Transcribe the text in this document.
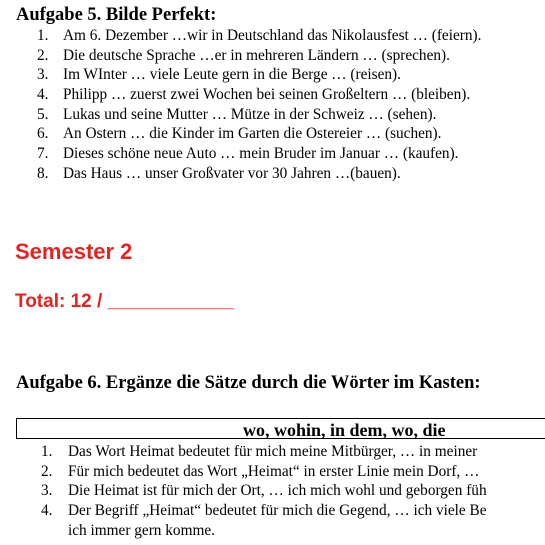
Aufgabe 5. Bilde Perfekt:
1. Am 6. Dezember …wir in Deutschland das Nikolausfest … (feiern).
2. Die deutsche Sprache …er in mehreren Ländern … (sprechen).
3. Im WInter … viele Leute gern in die Berge … (reisen).
4. Philipp … zuerst zwei Wochen bei seinen Großeltern … (bleiben).
5. Lukas und seine Mutter … Mütze in der Schweiz … (sehen).
6. An Ostern … die Kinder im Garten die Ostereier … (suchen).
7. Dieses schöne neue Auto … mein Bruder im Januar … (kaufen).
8. Das Haus … unser Großvater vor 30 Jahren …(bauen).
Semester 2
Total: 12 / ____________
Aufgabe 6. Ergänze die Sätze durch die Wörter im Kasten:
wo, wohin, in dem, wo, die
1. Das Wort Heimat bedeutet für mich meine Mitbürger, … in meiner
2. Für mich bedeutet das Wort „Heimat“ in erster Linie mein Dorf, …
3. Die Heimat ist für mich der Ort, … ich mich wohl und geborgen füh
4. Der Begriff „Heimat“ bedeutet für mich die Gegend, … ich viele Be
ich immer gern komme.
